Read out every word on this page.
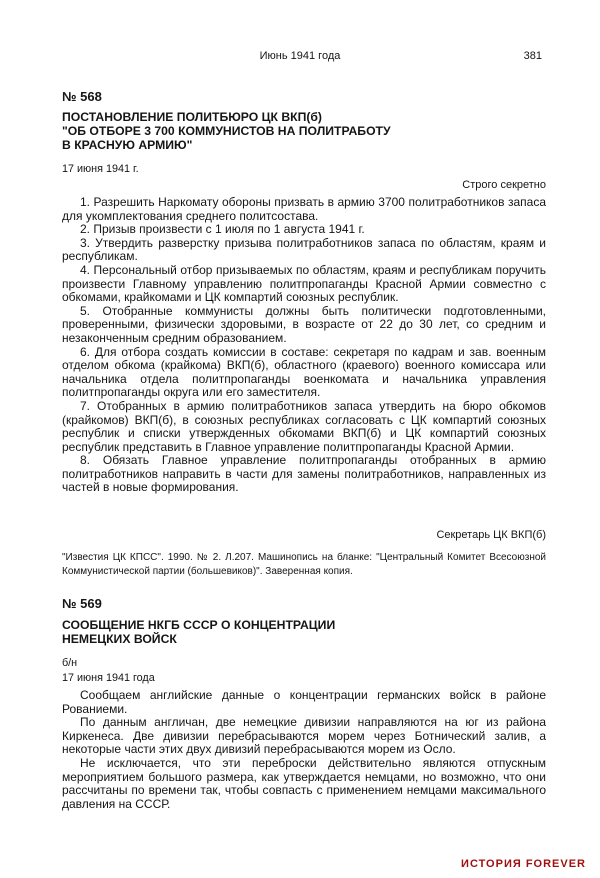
Июнь 1941 года	381
№ 568
ПОСТАНОВЛЕНИЕ ПОЛИТБЮРО ЦК ВКП(б)
"ОБ ОТБОРЕ 3 700 КОММУНИСТОВ НА ПОЛИТРАБОТУ
В КРАСНУЮ АРМИЮ"
17 июня 1941 г.
Строго секретно

1. Разрешить Наркомату обороны призвать в армию 3700 политработников запаса для укомплектования среднего политсостава.

2. Призыв произвести с 1 июля по 1 августа 1941 г.

3. Утвердить разверстку призыва политработников запаса по областям, краям и республикам.

4. Персональный отбор призываемых по областям, краям и республикам поручить произвести Главному управлению политпропаганды Красной Армии совместно с обкомами, крайкомами и ЦК компартий союзных республик.

5. Отобранные коммунисты должны быть политически подготовленными, проверенными, физически здоровыми, в возрасте от 22 до 30 лет, со средним и незаконченным средним образованием.

6. Для отбора создать комиссии в составе: секретаря по кадрам и зав. военным отделом обкома (крайкома) ВКП(б), областного (краевого) военного комиссара или начальника отдела политпропаганды военкомата и начальника управления политпропаганды округа или его заместителя.

7. Отобранных в армию политработников запаса утвердить на бюро обкомов (крайкомов) ВКП(б), в союзных республиках согласовать с ЦК компартий союзных республик и списки утвержденных обкомами ВКП(б) и ЦК компартий союзных республик представить в Главное управление политпропаганды Красной Армии.

8. Обязать Главное управление политпропаганды отобранных в армию политработников направить в части для замены политработников, направленных из частей в новые формирования.

Секретарь ЦК ВКП(б)
"Известия ЦК КПСС". 1990. № 2. Л.207. Машинопись на бланке: "Центральный Комитет Всесоюзной Коммунистической партии (большевиков)". Заверенная копия.
№ 569
СООБЩЕНИЕ НКГБ СССР О КОНЦЕНТРАЦИИ
НЕМЕЦКИХ ВОЙСК
б/н
17 июня 1941 года

Сообщаем английские данные о концентрации германских войск в районе Рованиеми.

По данным англичан, две немецкие дивизии направляются на юг из района Киркенеса. Две дивизии перебрасываются морем через Ботнический залив, а некоторые части этих двух дивизий перебрасываются морем из Осло.

Не исключается, что эти переброски действительно являются отпускным мероприятием большого размера, как утверждается немцами, но возможно, что они рассчитаны по времени так, чтобы совпасть с применением немцами максимального давления на СССР.

ИСТОРИЯ FOREVER
